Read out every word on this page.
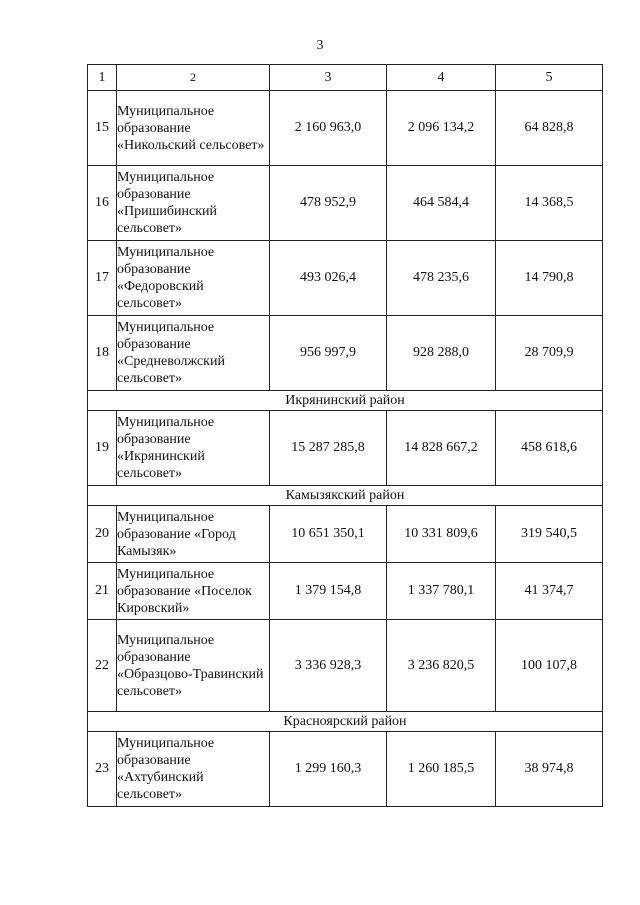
3
1	2	3	4	5
15	Муниципальное образование «Никольский сельсовет»	2 160 963,0	2 096 134,2	64 828,8
16	Муниципальное образование «Пришибинский сельсовет»	478 952,9	464 584,4	14 368,5
17	Муниципальное образование «Федоровский сельсовет»	493 026,4	478 235,6	14 790,8
18	Муниципальное образование «Средневолжский сельсовет»	956 997,9	928 288,0	28 709,9
Икрянинский район				
19	Муниципальное образование «Икрянинский сельсовет»	15 287 285,8	14 828 667,2	458 618,6
Камызякский район				
20	Муниципальное образование «Город Камызяк»	10 651 350,1	10 331 809,6	319 540,5
21	Муниципальное образование «Поселок Кировский»	1 379 154,8	1 337 780,1	41 374,7
22	Муниципальное образование «Образцово-Травинский сельсовет»	3 336 928,3	3 236 820,5	100 107,8
Красноярский район				
23	Муниципальное образование «Ахтубинский сельсовет»	1 299 160,3	1 260 185,5	38 974,8
